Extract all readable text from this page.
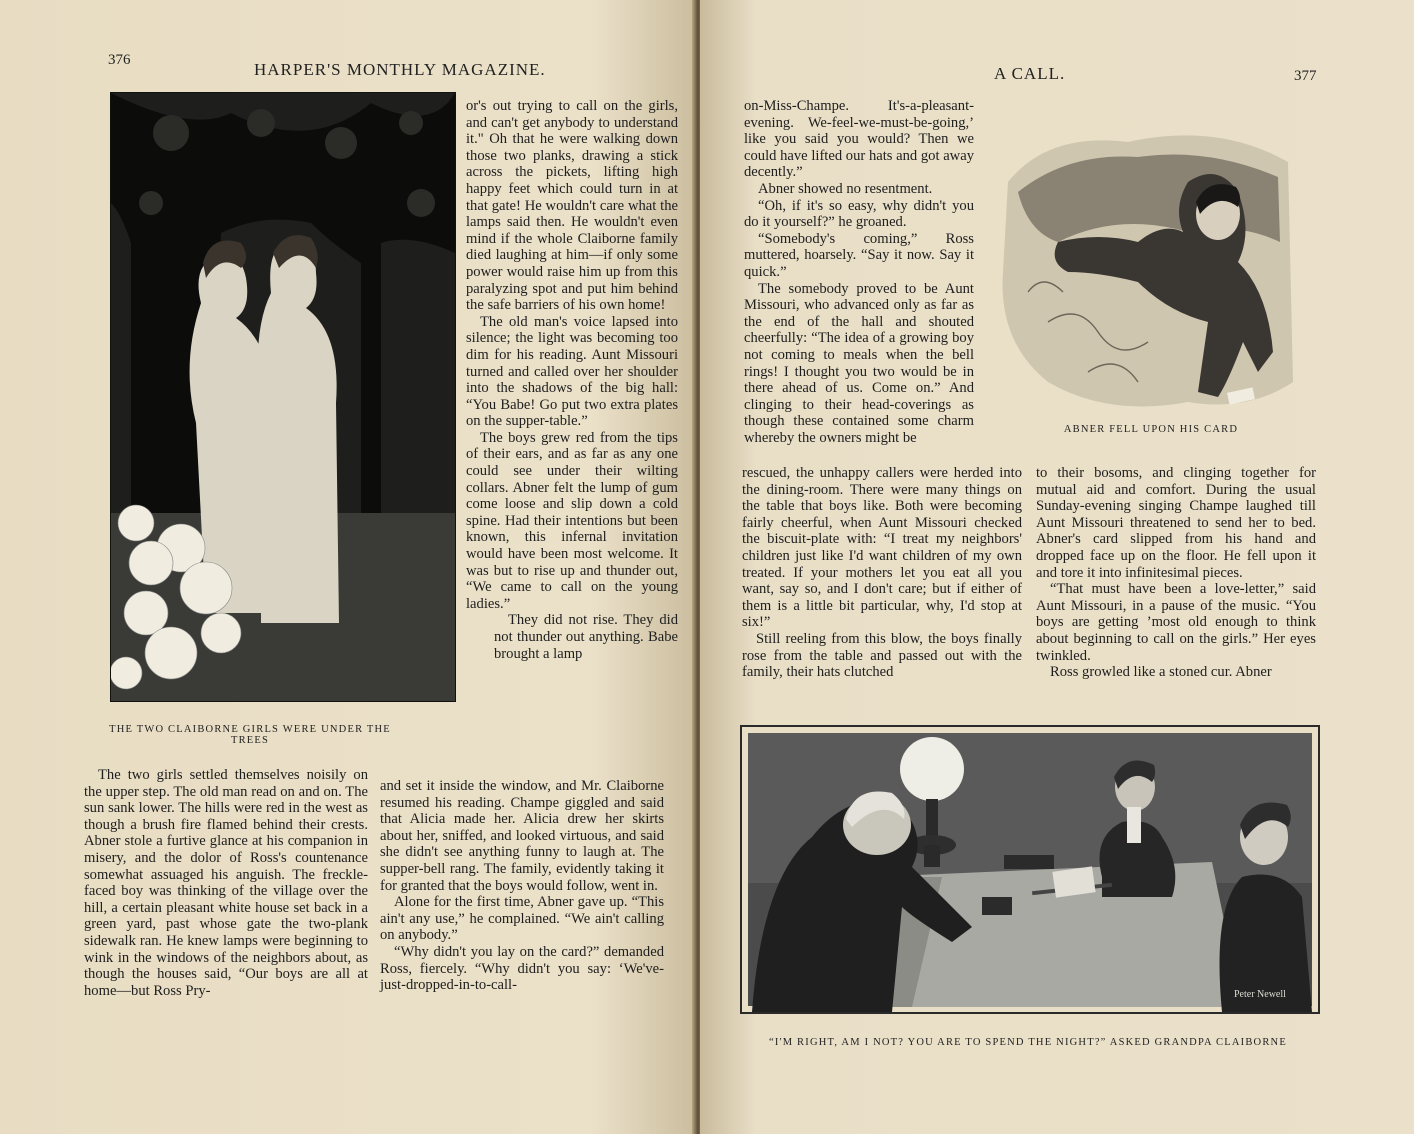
376	HARPER'S MONTHLY MAGAZINE.
THE TWO CLAIBORNE GIRLS WERE UNDER THE TREES

or's out trying to call on the girls, and can't get anybody to understand it." Oh that he were walking down those two planks, drawing a stick across the pickets, lifting high happy feet which could turn in at that gate! He wouldn't care what the lamps said then. He wouldn't even mind if the whole Claiborne family died laughing at him—if only some power would raise him up from this paralyzing spot and put him behind the safe barriers of his own home!

The old man's voice lapsed into silence; the light was becoming too dim for his reading. Aunt Missouri turned and called over her shoulder into the shadows of the big hall: “You Babe! Go put two extra plates on the supper-table.”

The boys grew red from the tips of their ears, and as far as any one could see under their wilting collars. Abner felt the lump of gum come loose and slip down a cold spine. Had their intentions but been known, this infernal invitation would have been most welcome. It was but to rise up and thunder out, “We came to call on the young ladies.”

They did not rise. They did not thunder out anything. Babe brought a lamp

The two girls settled themselves noisily on the upper step. The old man read on and on. The sun sank lower. The hills were red in the west as though a brush fire flamed behind their crests. Abner stole a furtive glance at his companion in misery, and the dolor of Ross's countenance somewhat assuaged his anguish. The freckle-faced boy was thinking of the village over the hill, a certain pleasant white house set back in a green yard, past whose gate the two-plank sidewalk ran. He knew lamps were beginning to wink in the windows of the neighbors about, as though the houses said, “Our boys are all at home—but Ross Pry-

and set it inside the window, and Mr. Claiborne resumed his reading. Champe giggled and said that Alicia made her. Alicia drew her skirts about her, sniffed, and looked virtuous, and said she didn't see anything funny to laugh at. The supper-bell rang. The family, evidently taking it for granted that the boys would follow, went in.

Alone for the first time, Abner gave up. “This ain't any use,” he complained. “We ain't calling on anybody.”

“Why didn't you lay on the card?” demanded Ross, fiercely. “Why didn't you say: ‘We've-just-dropped-in-to-call-

A CALL.	377

on-Miss-Champe. It's-a-pleasant-evening. We-feel-we-must-be-going,’ like you said you would? Then we could have lifted our hats and got away decently.”

Abner showed no resentment.

“Oh, if it's so easy, why didn't you do it yourself?” he groaned.

“Somebody's coming,” Ross muttered, hoarsely. “Say it now. Say it quick.”

The somebody proved to be Aunt Missouri, who advanced only as far as the end of the hall and shouted cheerfully: “The idea of a growing boy not coming to meals when the bell rings! I thought you two would be in there ahead of us. Come on.” And clinging to their head-coverings as though these contained some charm whereby the owners might be

ABNER FELL UPON HIS CARD

rescued, the unhappy callers were herded into the dining-room. There were many things on the table that boys like. Both were becoming fairly cheerful, when Aunt Missouri checked the biscuit-plate with: “I treat my neighbors' children just like I'd want children of my own treated. If your mothers let you eat all you want, say so, and I don't care; but if either of them is a little bit particular, why, I'd stop at six!”

Still reeling from this blow, the boys finally rose from the table and passed out with the family, their hats clutched

to their bosoms, and clinging together for mutual aid and comfort. During the usual Sunday-evening singing Champe laughed till Aunt Missouri threatened to send her to bed. Abner's card slipped from his hand and dropped face up on the floor. He fell upon it and tore it into infinitesimal pieces.

“That must have been a love-letter,” said Aunt Missouri, in a pause of the music. “You boys are getting ’most old enough to think about beginning to call on the girls.” Her eyes twinkled.

Ross growled like a stoned cur. Abner

Peter Newell
“I'M RIGHT, AM I NOT? YOU ARE TO SPEND THE NIGHT?” ASKED GRANDPA CLAIBORNE
